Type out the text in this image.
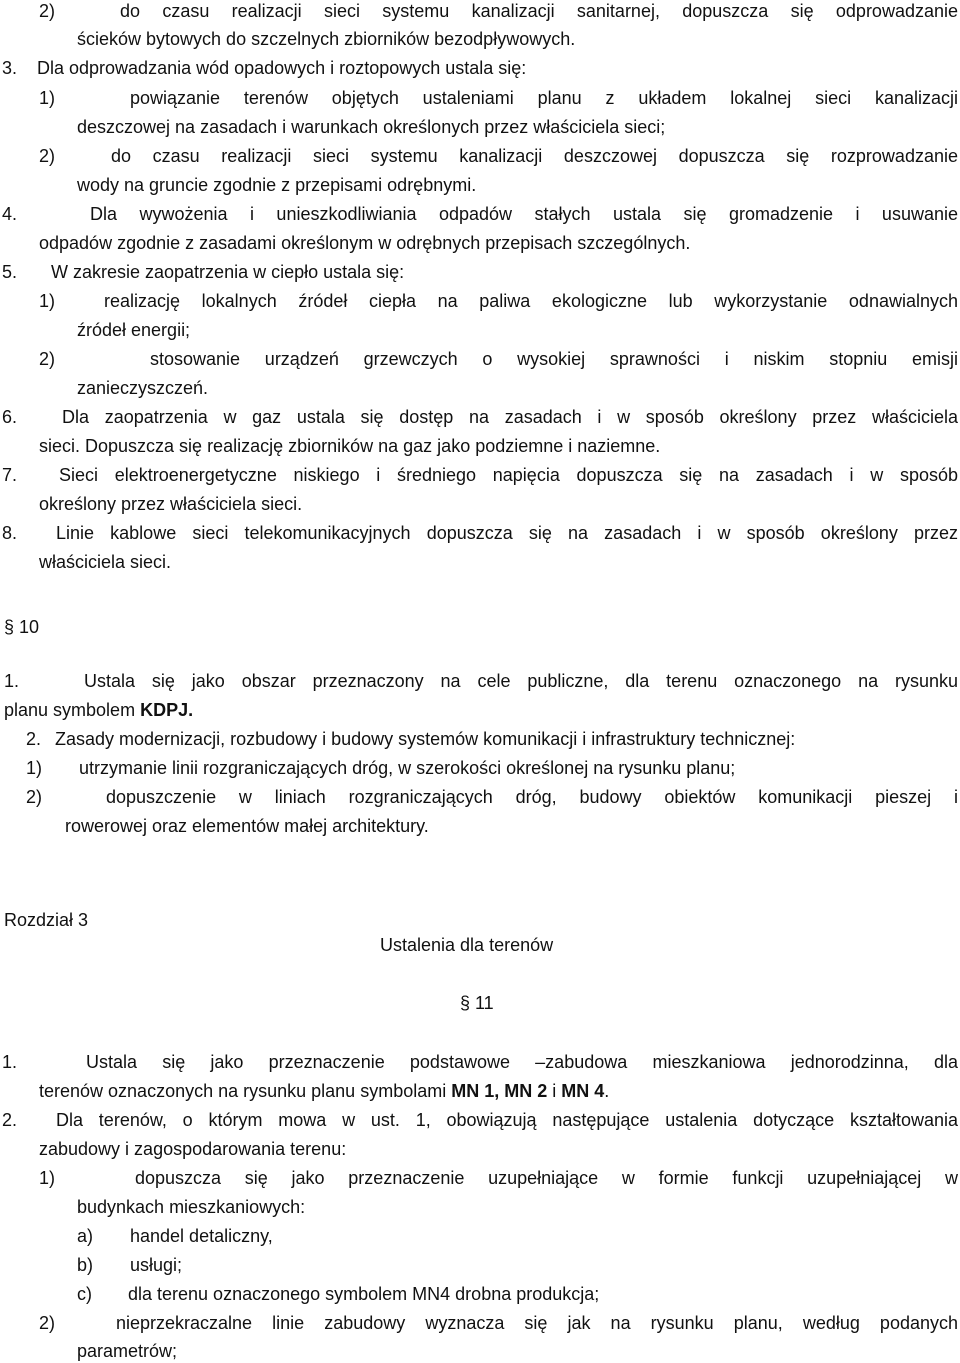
2)	do czasu realizacji sieci systemu kanalizacji sanitarnej, dopuszcza się odprowadzanie
ścieków bytowych do szczelnych zbiorników bezodpływowych.
3. Dla odprowadzania wód opadowych i roztopowych ustala się:
1)	powiązanie terenów objętych ustaleniami planu z układem lokalnej sieci kanalizacji
deszczowej na zasadach i warunkach określonych przez właściciela sieci;
2)	do czasu realizacji sieci systemu kanalizacji deszczowej dopuszcza się rozprowadzanie
wody na gruncie zgodnie z przepisami odrębnymi.
4.	Dla wywożenia i unieszkodliwiania odpadów stałych ustala się gromadzenie i usuwanie
odpadów zgodnie z zasadami określonym w odrębnych przepisach szczególnych.
5. W zakresie zaopatrzenia w ciepło ustala się:
1)	realizację lokalnych źródeł ciepła na paliwa ekologiczne lub wykorzystanie odnawialnych
źródeł energii;
2)	stosowanie urządzeń grzewczych o wysokiej sprawności i niskim stopniu emisji
zanieczyszczeń.
6. Dla zaopatrzenia w gaz ustala się dostęp na zasadach i w sposób określony przez właściciela
sieci. Dopuszcza się realizację zbiorników na gaz jako podziemne i naziemne.
7. Sieci elektroenergetyczne niskiego i średniego napięcia dopuszcza się na zasadach i w sposób
określony przez właściciela sieci.
8. Linie kablowe sieci telekomunikacyjnych dopuszcza się na zasadach i w sposób określony przez
właściciela sieci.
§ 10
1.	Ustala się jako obszar przeznaczony na cele publiczne, dla terenu oznaczonego na rysunku
planu symbolem KDPJ.
2. Zasady modernizacji, rozbudowy i budowy systemów komunikacji i infrastruktury technicznej:
1) utrzymanie linii rozgraniczających dróg, w szerokości określonej na rysunku planu;
2)	dopuszczenie w liniach rozgraniczających dróg, budowy obiektów komunikacji pieszej i
rowerowej oraz elementów małej architektury.
Rozdział 3
Ustalenia dla terenów
§ 11
1.	Ustala się jako przeznaczenie podstawowe –zabudowa mieszkaniowa jednorodzinna, dla
terenów oznaczonych na rysunku planu symbolami MN 1, MN 2 i MN 4.
2. Dla terenów, o którym mowa w ust. 1, obowiązują następujące ustalenia dotyczące kształtowania
zabudowy i zagospodarowania terenu:
1)	dopuszcza się jako przeznaczenie uzupełniające w formie funkcji uzupełniającej w
budynkach mieszkaniowych:
a) handel detaliczny,
b) usługi;
c) dla terenu oznaczonego symbolem MN4 drobna produkcja;
2)	nieprzekraczalne linie zabudowy wyznacza się jak na rysunku planu, według podanych
parametrów;
